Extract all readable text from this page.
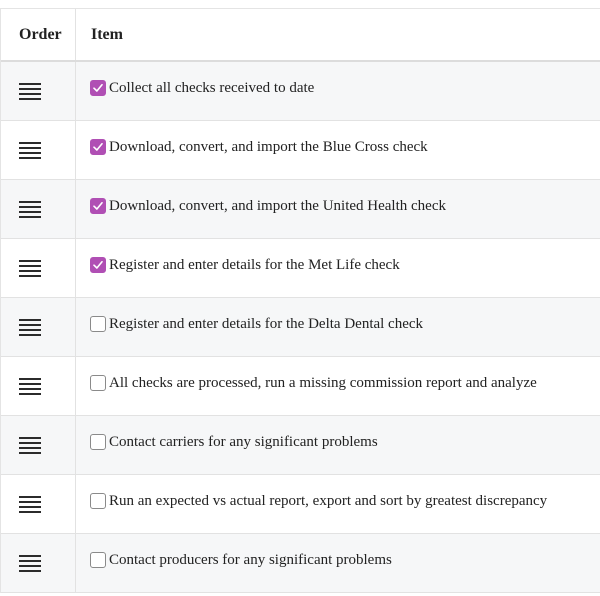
Order Item
Collect all checks received to date
Download, convert, and import the Blue Cross check
Download, convert, and import the United Health check
Register and enter details for the Met Life check
Register and enter details for the Delta Dental check
All checks are processed, run a missing commission report and analyze
Contact carriers for any significant problems
Run an expected vs actual report, export and sort by greatest discrepancy
Contact producers for any significant problems
